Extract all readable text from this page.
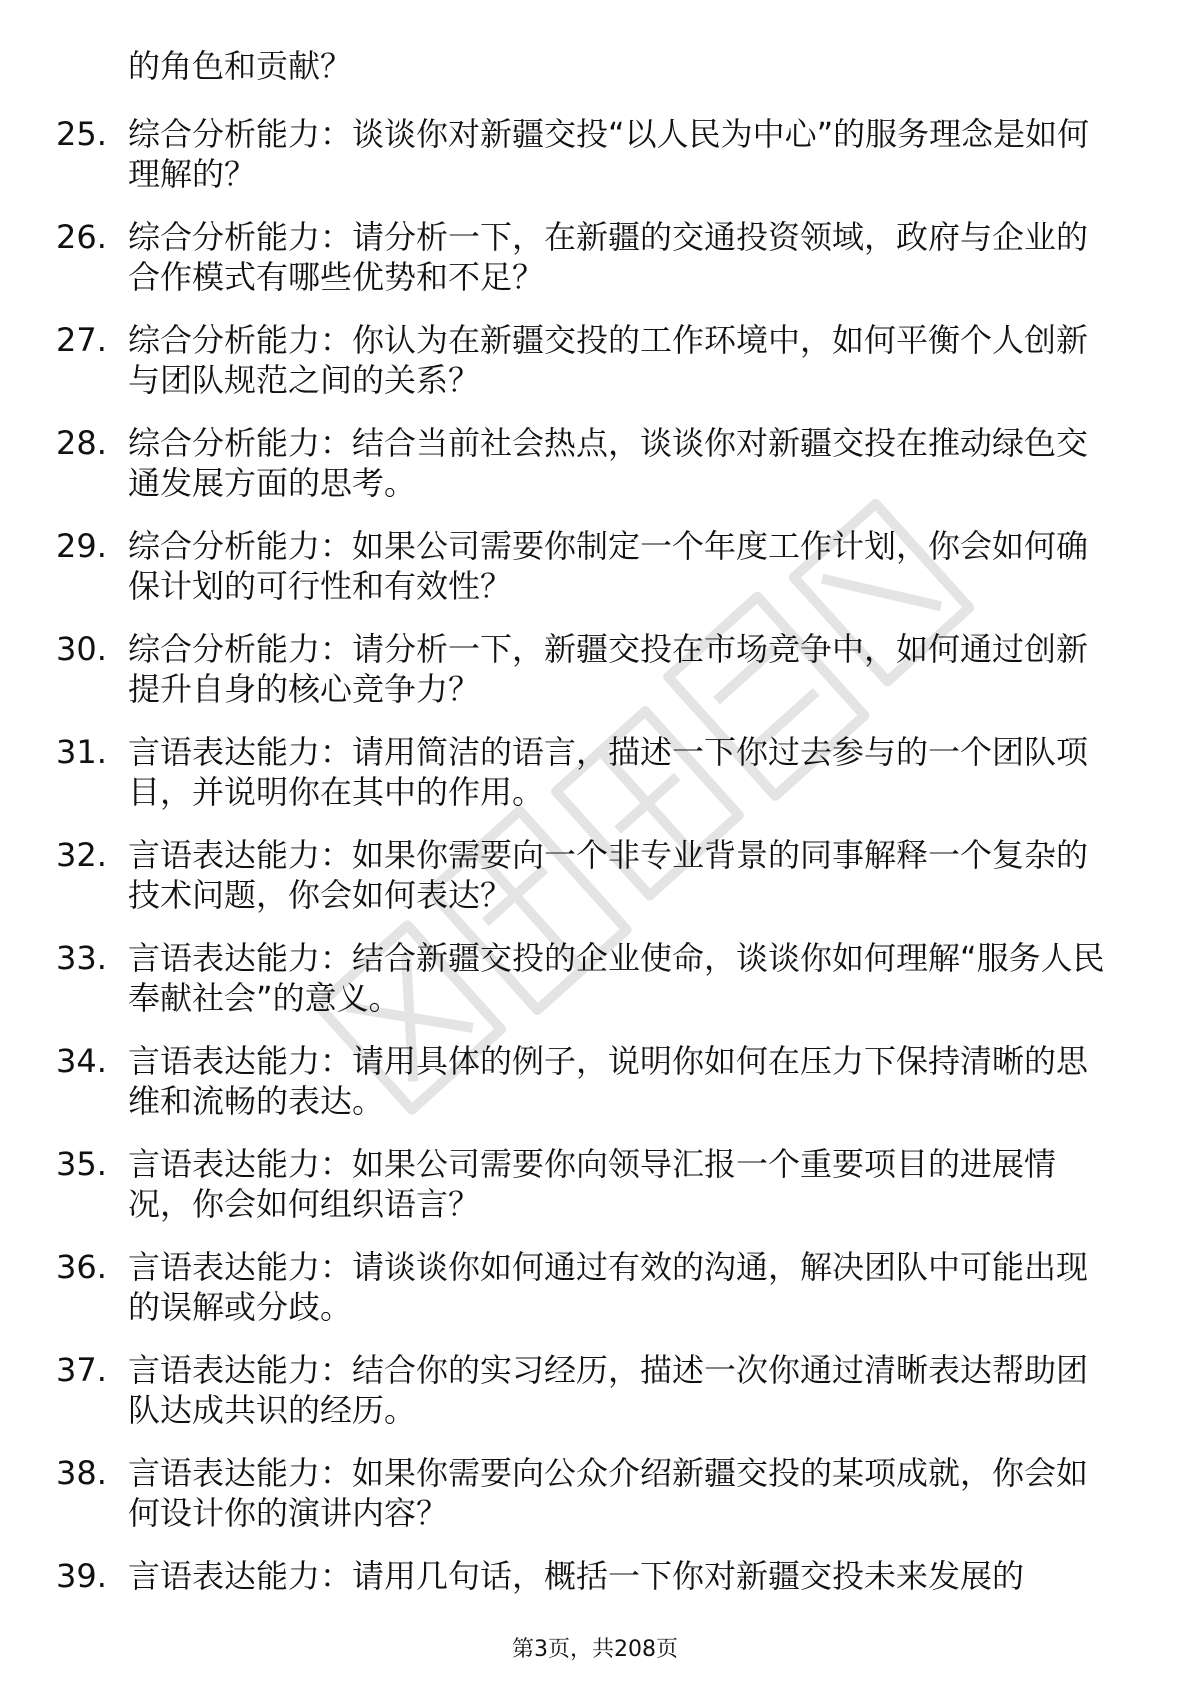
的角色和贡献？
25. 综合分析能力：谈谈你对新疆交投“以人民为中心”的服务理念是如何理解的？
26. 综合分析能力：请分析一下，在新疆的交通投资领域，政府与企业的合作模式有哪些优势和不足？
27. 综合分析能力：你认为在新疆交投的工作环境中，如何平衡个人创新与团队规范之间的关系？
28. 综合分析能力：结合当前社会热点，谈谈你对新疆交投在推动绿色交通发展方面的思考。
29. 综合分析能力：如果公司需要你制定一个年度工作计划，你会如何确保计划的可行性和有效性？
30. 综合分析能力：请分析一下，新疆交投在市场竞争中，如何通过创新提升自身的核心竞争力？
31. 言语表达能力：请用简洁的语言，描述一下你过去参与的一个团队项目，并说明你在其中的作用。
32. 言语表达能力：如果你需要向一个非专业背景的同事解释一个复杂的技术问题，你会如何表达？
33. 言语表达能力：结合新疆交投的企业使命，谈谈你如何理解“服务人民奉献社会”的意义。
34. 言语表达能力：请用具体的例子，说明你如何在压力下保持清晰的思维和流畅的表达。
35. 言语表达能力：如果公司需要你向领导汇报一个重要项目的进展情况，你会如何组织语言？
36. 言语表达能力：请谈谈你如何通过有效的沟通，解决团队中可能出现的误解或分歧。
37. 言语表达能力：结合你的实习经历，描述一次你通过清晰表达帮助团队达成共识的经历。
38. 言语表达能力：如果你需要向公众介绍新疆交投的某项成就，你会如何设计你的演讲内容？
39. 言语表达能力：请用几句话，概括一下你对新疆交投未来发展的
第3页，共208页
